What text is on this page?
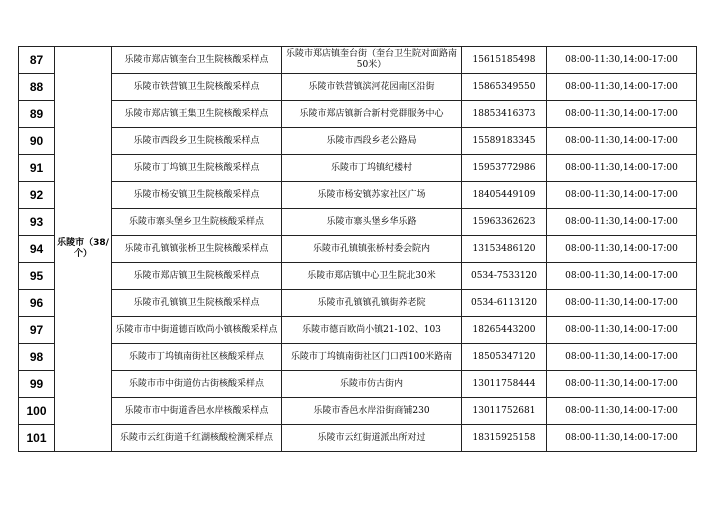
87	乐陵市（38/个）	乐陵市郑店镇奎台卫生院核酸采样点	乐陵市郑店镇奎台街（奎台卫生院对面路南50米）	15615185498	08:00-11:30,14:00-17:00
88		乐陵市铁营镇卫生院核酸采样点	乐陵市铁营镇滨河花园南区沿街	15865349550	08:00-11:30,14:00-17:00
89		乐陵市郑店镇王集卫生院核酸采样点	乐陵市郑店镇新合新村党群服务中心	18853416373	08:00-11:30,14:00-17:00
90		乐陵市西段乡卫生院核酸采样点	乐陵市西段乡老公路局	15589183345	08:00-11:30,14:00-17:00
91		乐陵市丁坞镇卫生院核酸采样点	乐陵市丁坞镇纪楼村	15953772986	08:00-11:30,14:00-17:00
92		乐陵市杨安镇卫生院核酸采样点	乐陵市杨安镇苏家社区广场	18405449109	08:00-11:30,14:00-17:00
93		乐陵市寨头堡乡卫生院核酸采样点	乐陵市寨头堡乡华乐路	15963362623	08:00-11:30,14:00-17:00
94		乐陵市孔镇镇张桥卫生院核酸采样点	乐陵市孔镇镇张桥村委会院内	13153486120	08:00-11:30,14:00-17:00
95		乐陵市郑店镇卫生院核酸采样点	乐陵市郑店镇中心卫生院北30米	0534-7533120	08:00-11:30,14:00-17:00
96		乐陵市孔镇镇卫生院核酸采样点	乐陵市孔镇镇孔镇街养老院	0534-6113120	08:00-11:30,14:00-17:00
97		乐陵市市中街道德百欧尚小镇核酸采样点	乐陵市德百欧尚小镇21-102、103	18265443200	08:00-11:30,14:00-17:00
98		乐陵市丁坞镇南街社区核酸采样点	乐陵市丁坞镇南街社区门口西100米路南	18505347120	08:00-11:30,14:00-17:00
99		乐陵市市中街道仿古街核酸采样点	乐陵市仿古街内	13011758444	08:00-11:30,14:00-17:00
100		乐陵市市中街道香邑水岸核酸采样点	乐陵市香邑水岸沿街商铺230	13011752681	08:00-11:30,14:00-17:00
101		乐陵市云红街道千红湖核酸检测采样点	乐陵市云红街道派出所对过	18315925158	08:00-11:30,14:00-17:00
